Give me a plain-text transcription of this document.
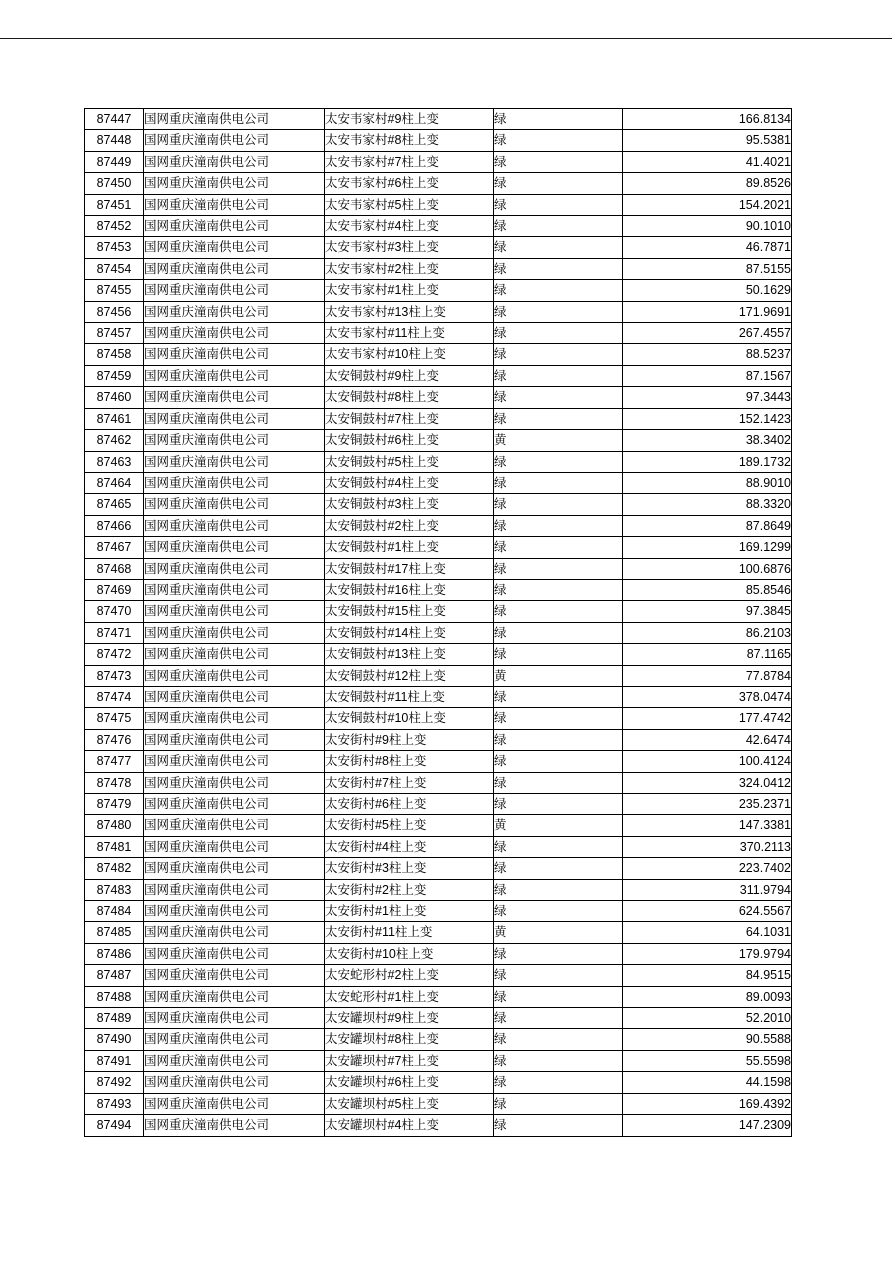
87447	国网重庆潼南供电公司	太安韦家村#9柱上变	绿	166.8134
87448	国网重庆潼南供电公司	太安韦家村#8柱上变	绿	95.5381
87449	国网重庆潼南供电公司	太安韦家村#7柱上变	绿	41.4021
87450	国网重庆潼南供电公司	太安韦家村#6柱上变	绿	89.8526
87451	国网重庆潼南供电公司	太安韦家村#5柱上变	绿	154.2021
87452	国网重庆潼南供电公司	太安韦家村#4柱上变	绿	90.1010
87453	国网重庆潼南供电公司	太安韦家村#3柱上变	绿	46.7871
87454	国网重庆潼南供电公司	太安韦家村#2柱上变	绿	87.5155
87455	国网重庆潼南供电公司	太安韦家村#1柱上变	绿	50.1629
87456	国网重庆潼南供电公司	太安韦家村#13柱上变	绿	171.9691
87457	国网重庆潼南供电公司	太安韦家村#11柱上变	绿	267.4557
87458	国网重庆潼南供电公司	太安韦家村#10柱上变	绿	88.5237
87459	国网重庆潼南供电公司	太安铜鼓村#9柱上变	绿	87.1567
87460	国网重庆潼南供电公司	太安铜鼓村#8柱上变	绿	97.3443
87461	国网重庆潼南供电公司	太安铜鼓村#7柱上变	绿	152.1423
87462	国网重庆潼南供电公司	太安铜鼓村#6柱上变	黄	38.3402
87463	国网重庆潼南供电公司	太安铜鼓村#5柱上变	绿	189.1732
87464	国网重庆潼南供电公司	太安铜鼓村#4柱上变	绿	88.9010
87465	国网重庆潼南供电公司	太安铜鼓村#3柱上变	绿	88.3320
87466	国网重庆潼南供电公司	太安铜鼓村#2柱上变	绿	87.8649
87467	国网重庆潼南供电公司	太安铜鼓村#1柱上变	绿	169.1299
87468	国网重庆潼南供电公司	太安铜鼓村#17柱上变	绿	100.6876
87469	国网重庆潼南供电公司	太安铜鼓村#16柱上变	绿	85.8546
87470	国网重庆潼南供电公司	太安铜鼓村#15柱上变	绿	97.3845
87471	国网重庆潼南供电公司	太安铜鼓村#14柱上变	绿	86.2103
87472	国网重庆潼南供电公司	太安铜鼓村#13柱上变	绿	87.1165
87473	国网重庆潼南供电公司	太安铜鼓村#12柱上变	黄	77.8784
87474	国网重庆潼南供电公司	太安铜鼓村#11柱上变	绿	378.0474
87475	国网重庆潼南供电公司	太安铜鼓村#10柱上变	绿	177.4742
87476	国网重庆潼南供电公司	太安街村#9柱上变	绿	42.6474
87477	国网重庆潼南供电公司	太安街村#8柱上变	绿	100.4124
87478	国网重庆潼南供电公司	太安街村#7柱上变	绿	324.0412
87479	国网重庆潼南供电公司	太安街村#6柱上变	绿	235.2371
87480	国网重庆潼南供电公司	太安街村#5柱上变	黄	147.3381
87481	国网重庆潼南供电公司	太安街村#4柱上变	绿	370.2113
87482	国网重庆潼南供电公司	太安街村#3柱上变	绿	223.7402
87483	国网重庆潼南供电公司	太安街村#2柱上变	绿	311.9794
87484	国网重庆潼南供电公司	太安街村#1柱上变	绿	624.5567
87485	国网重庆潼南供电公司	太安街村#11柱上变	黄	64.1031
87486	国网重庆潼南供电公司	太安街村#10柱上变	绿	179.9794
87487	国网重庆潼南供电公司	太安蛇形村#2柱上变	绿	84.9515
87488	国网重庆潼南供电公司	太安蛇形村#1柱上变	绿	89.0093
87489	国网重庆潼南供电公司	太安罐坝村#9柱上变	绿	52.2010
87490	国网重庆潼南供电公司	太安罐坝村#8柱上变	绿	90.5588
87491	国网重庆潼南供电公司	太安罐坝村#7柱上变	绿	55.5598
87492	国网重庆潼南供电公司	太安罐坝村#6柱上变	绿	44.1598
87493	国网重庆潼南供电公司	太安罐坝村#5柱上变	绿	169.4392
87494	国网重庆潼南供电公司	太安罐坝村#4柱上变	绿	147.2309
